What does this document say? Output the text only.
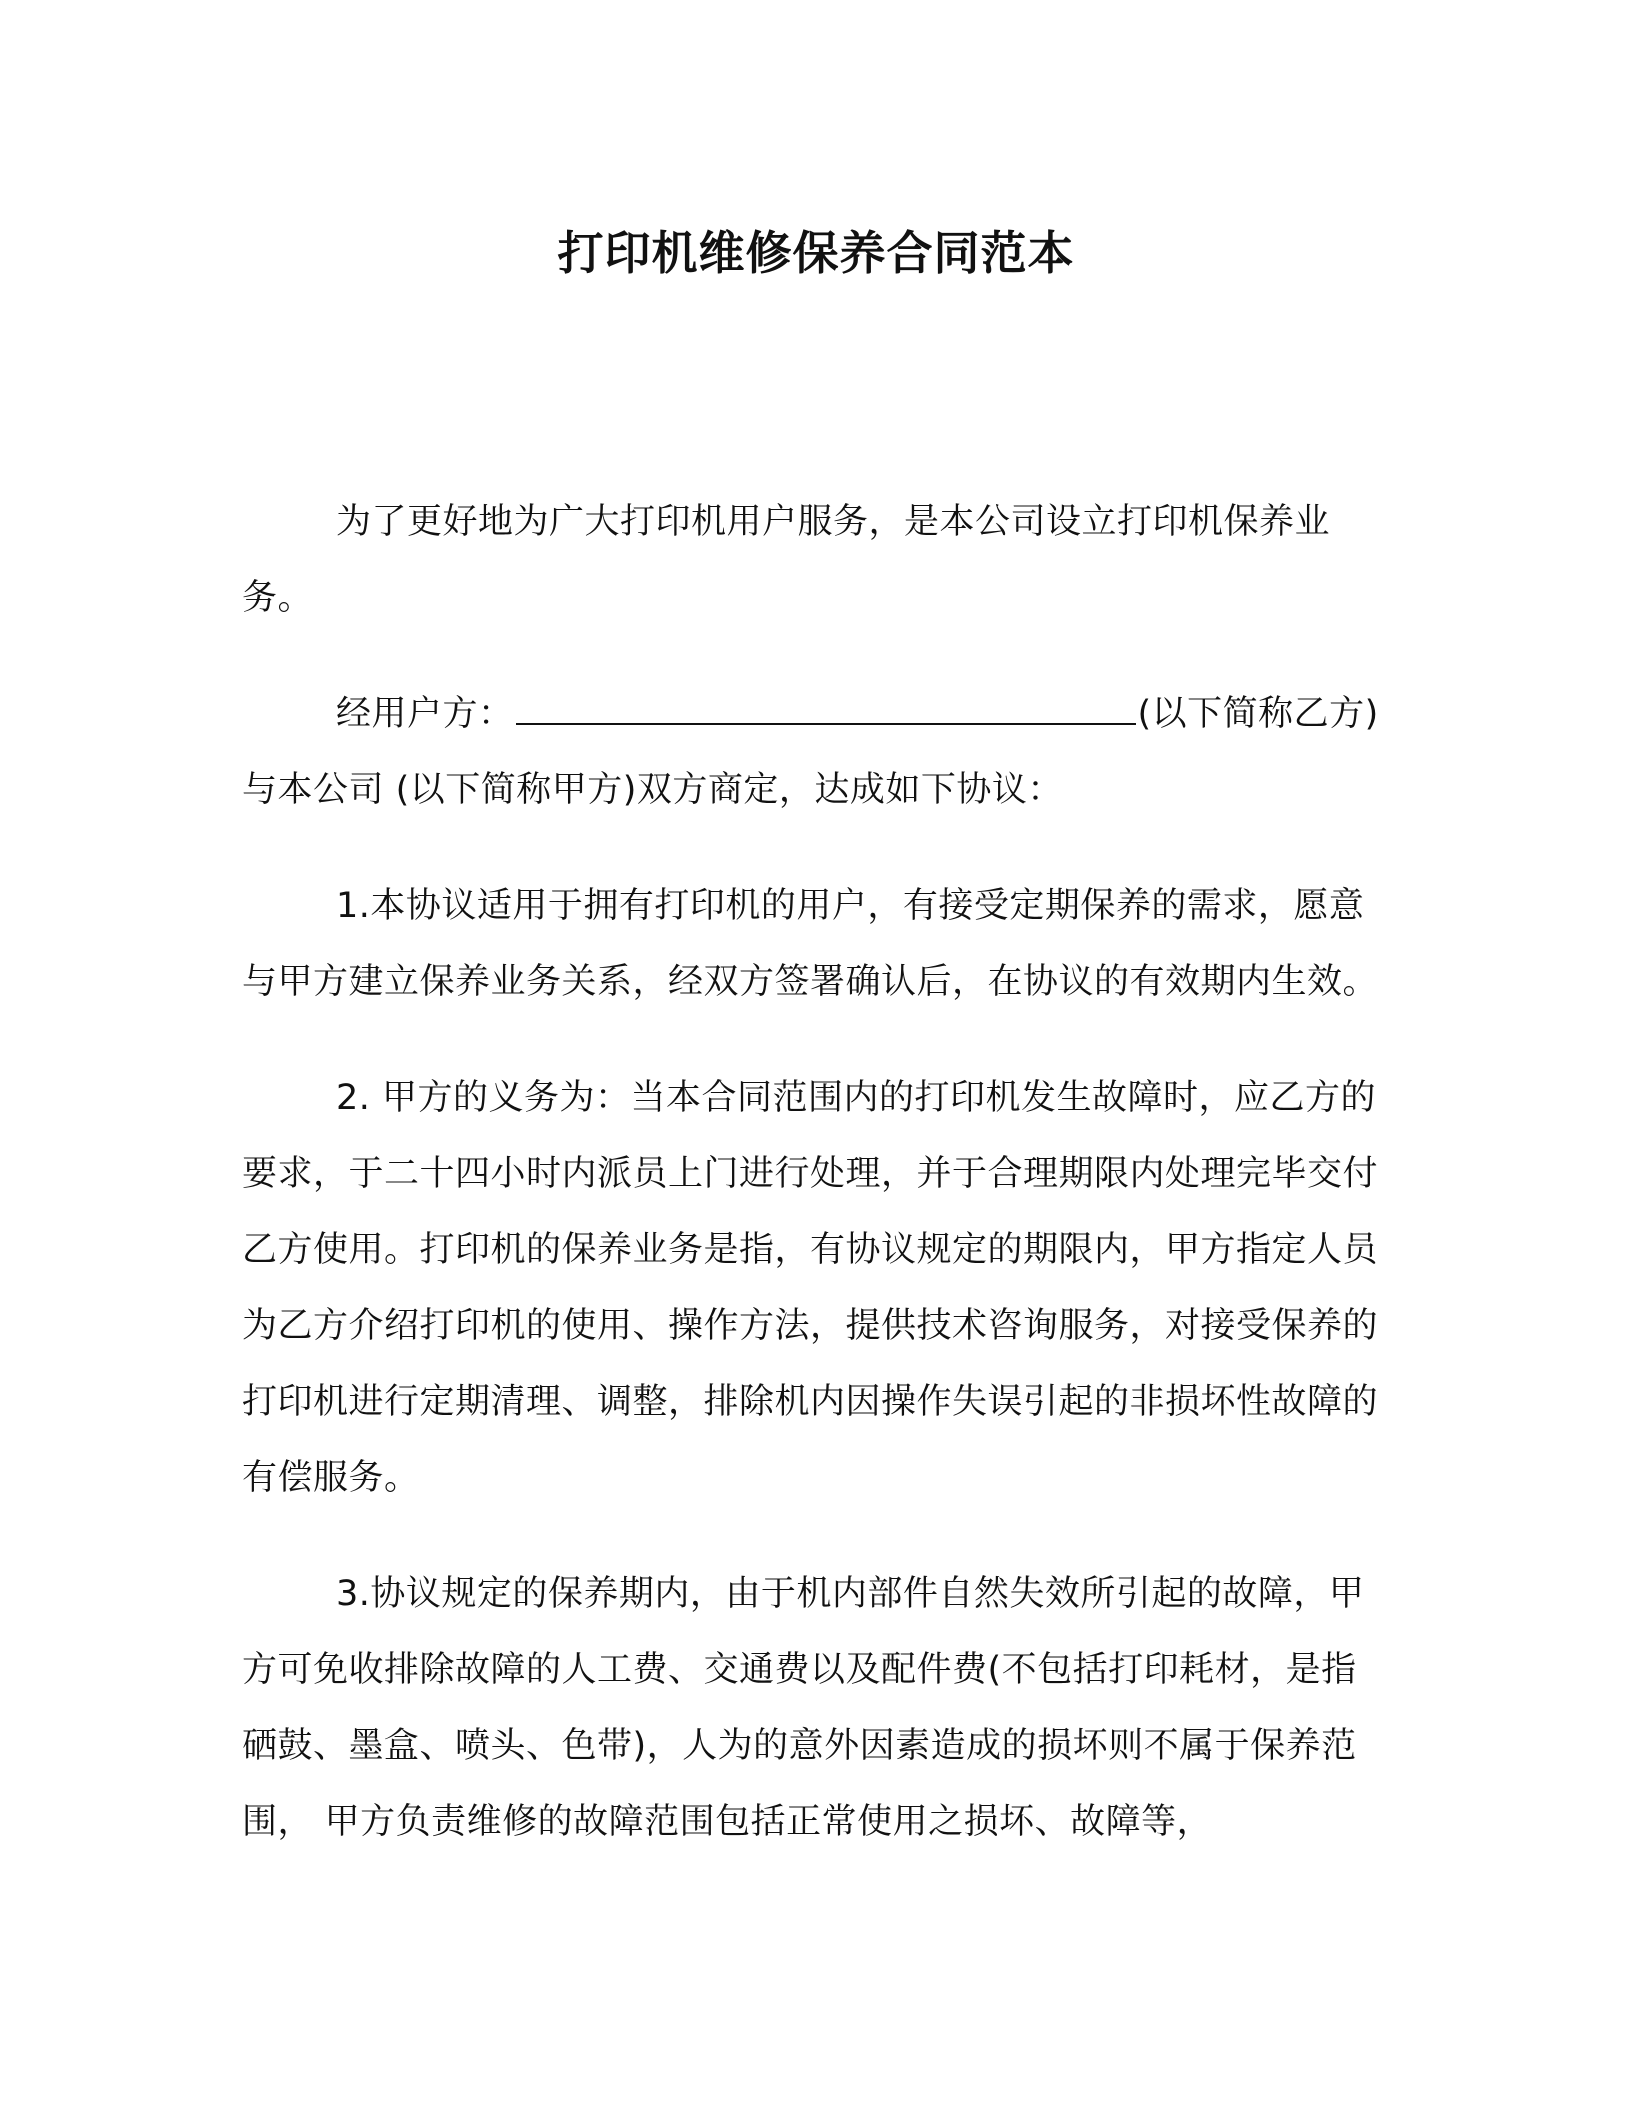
打印机维修保养合同范本

为了更好地为广大打印机用户服务，是本公司设立打印机保养业务。

经用户方：	(以下简称乙方)与本公司 (以下简称甲方)双方商定，达成如下协议：

1.本协议适用于拥有打印机的用户，有接受定期保养的需求，愿意与甲方建立保养业务关系，经双方签署确认后，在协议的有效期内生效。

2. 甲方的义务为：当本合同范围内的打印机发生故障时，应乙方的要求，于二十四小时内派员上门进行处理，并于合理期限内处理完毕交付乙方使用。打印机的保养业务是指，有协议规定的期限内，甲方指定人员为乙方介绍打印机的使用、操作方法，提供技术咨询服务，对接受保养的打印机进行定期清理、调整，排除机内因操作失误引起的非损坏性故障的有偿服务。

3.协议规定的保养期内，由于机内部件自然失效所引起的故障，甲方可免收排除故障的人工费、交通费以及配件费(不包括打印耗材，是指硒鼓、墨盒、喷头、色带)，人为的意外因素造成的损坏则不属于保养范围， 甲方负责维修的故障范围包括正常使用之损坏、故障等，
